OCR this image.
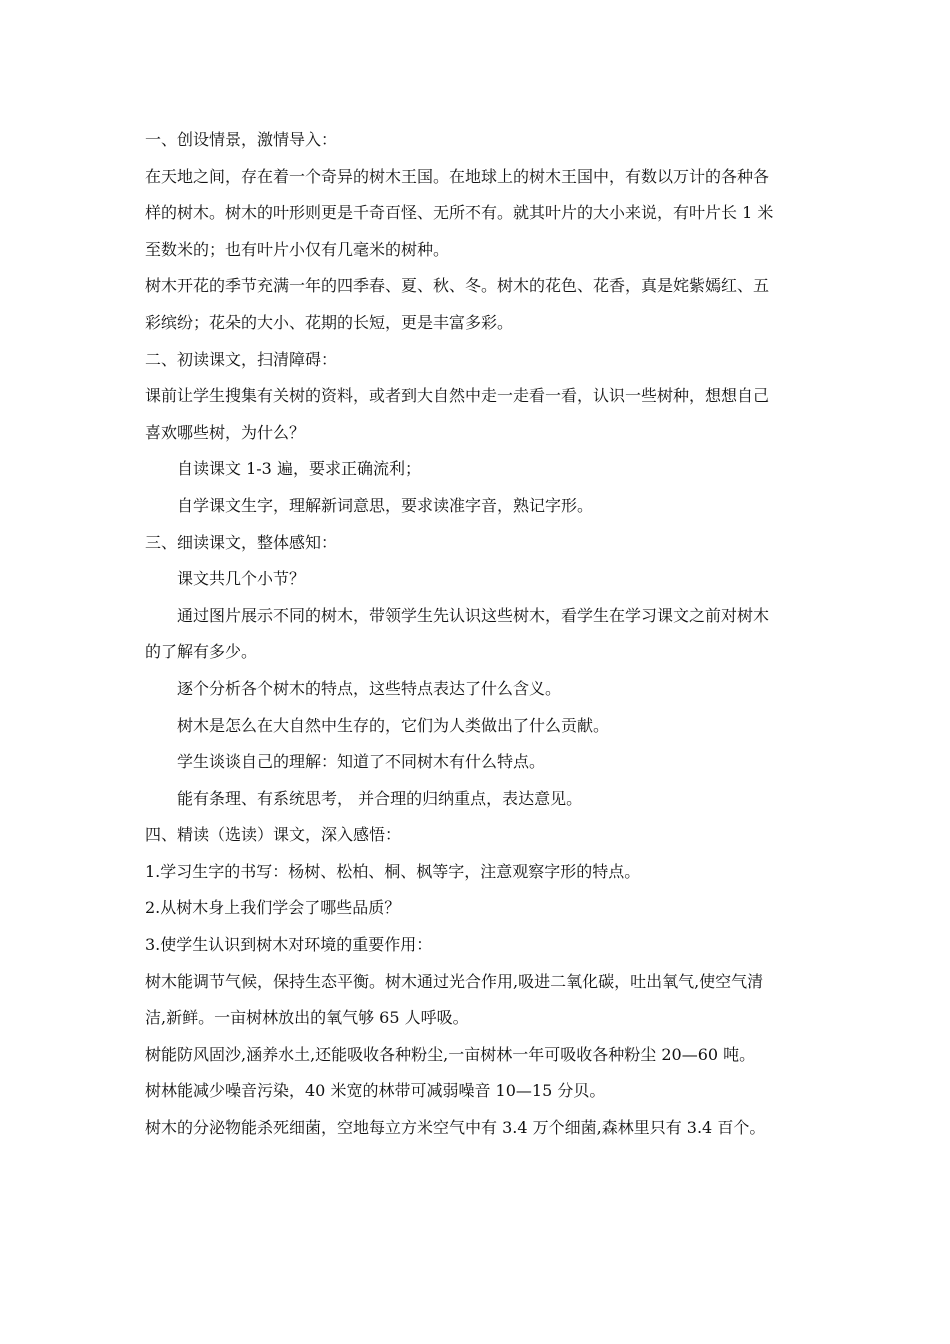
一、创设情景，激情导入：
在天地之间，存在着一个奇异的树木王国。在地球上的树木王国中，有数以万计的各种各
样的树木。树木的叶形则更是千奇百怪、无所不有。就其叶片的大小来说，有叶片长 1 米
至数米的；也有叶片小仅有几毫米的树种。
树木开花的季节充满一年的四季春、夏、秋、冬。树木的花色、花香，真是姹紫嫣红、五
彩缤纷；花朵的大小、花期的长短，更是丰富多彩。
二、初读课文，扫清障碍：
课前让学生搜集有关树的资料，或者到大自然中走一走看一看，认识一些树种，想想自己
喜欢哪些树，为什么？
自读课文 1-3 遍，要求正确流利；
自学课文生字，理解新词意思，要求读准字音，熟记字形。
三、细读课文，整体感知：
课文共几个小节？
通过图片展示不同的树木，带领学生先认识这些树木，看学生在学习课文之前对树木
的了解有多少。
逐个分析各个树木的特点，这些特点表达了什么含义。
树木是怎么在大自然中生存的，它们为人类做出了什么贡献。
学生谈谈自己的理解：知道了不同树木有什么特点。
能有条理、有系统思考， 并合理的归纳重点，表达意见。
四、精读（选读）课文，深入感悟：
1.学习生字的书写：杨树、松柏、桐、枫等字，注意观察字形的特点。
2.从树木身上我们学会了哪些品质？
3.使学生认识到树木对环境的重要作用：
树木能调节气候，保持生态平衡。树木通过光合作用,吸进二氧化碳，吐出氧气,使空气清
洁,新鲜。一亩树林放出的氧气够 65 人呼吸。
树能防风固沙,涵养水土,还能吸收各种粉尘,一亩树林一年可吸收各种粉尘 20—60 吨。
树林能减少噪音污染，40 米宽的林带可减弱噪音 10—15 分贝。
树木的分泌物能杀死细菌，空地每立方米空气中有 3.4 万个细菌,森林里只有 3.4 百个。
